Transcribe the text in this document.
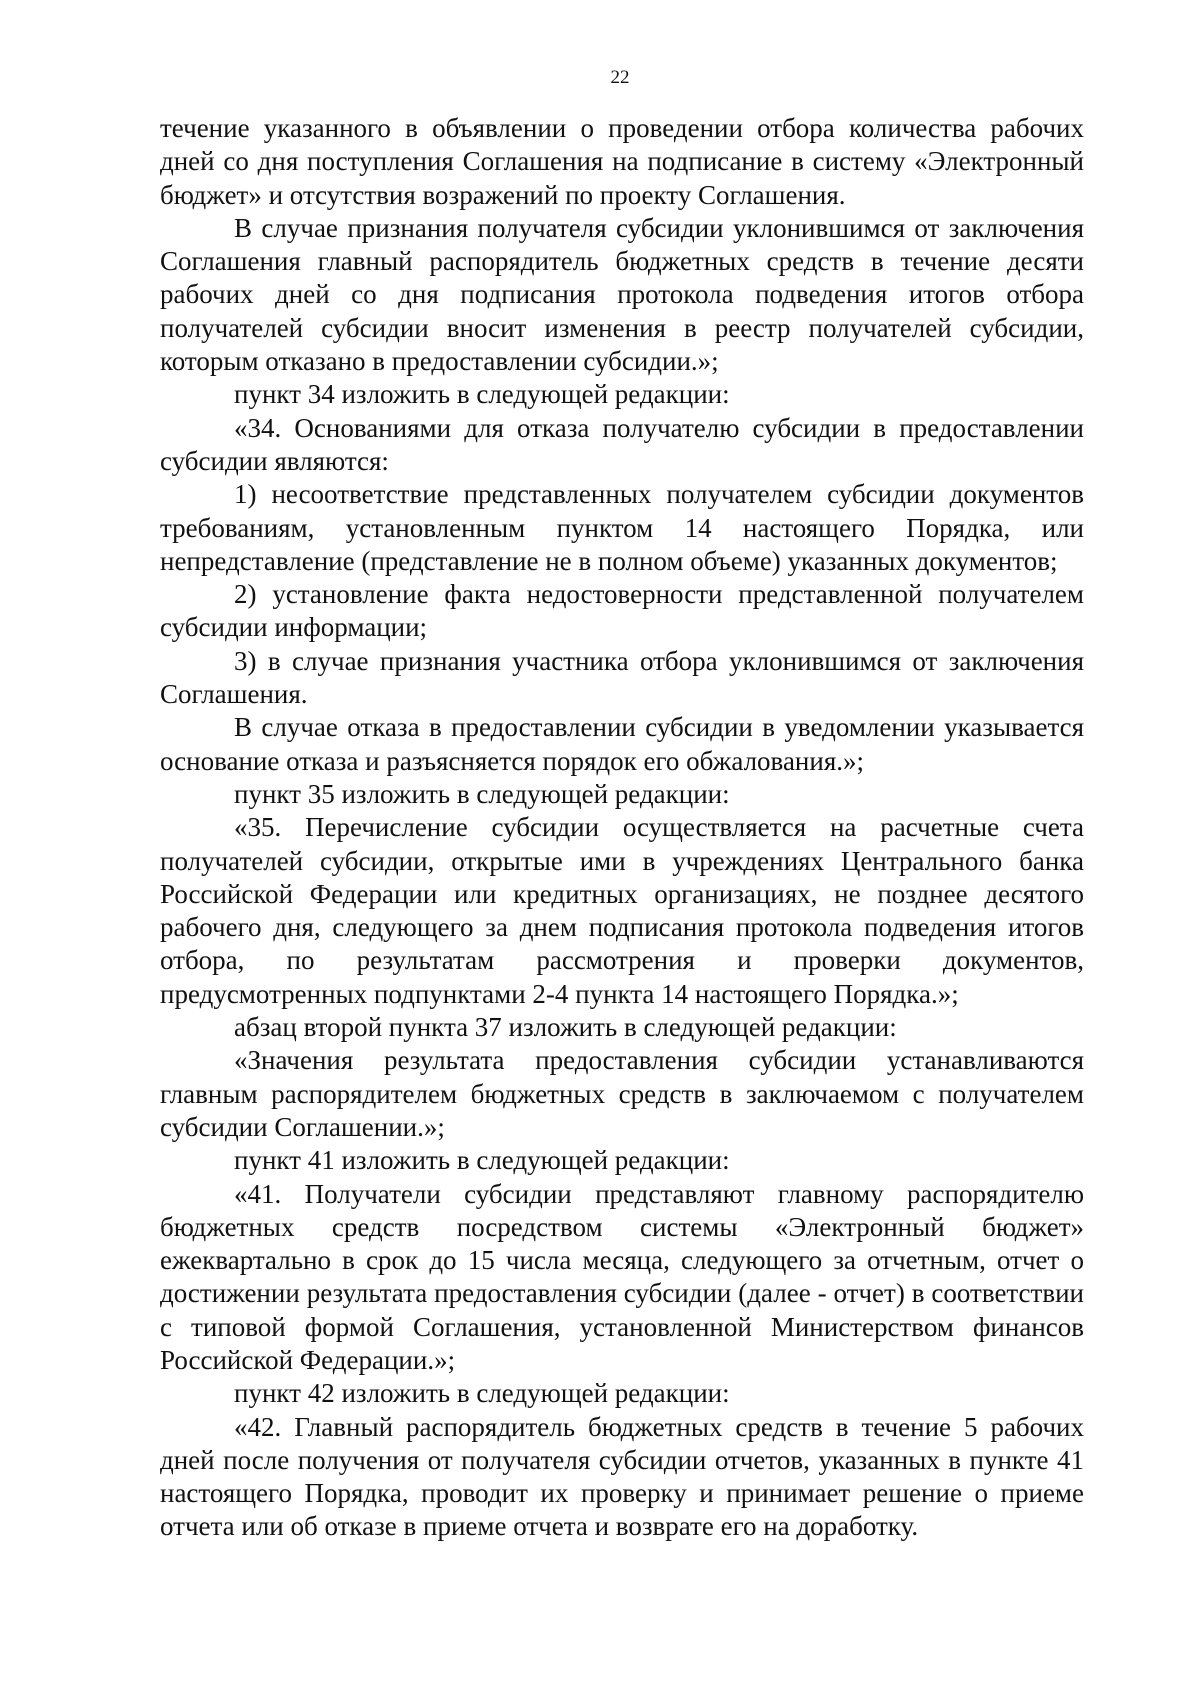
22

течение указанного в объявлении о проведении отбора количества рабочих дней со дня поступления Соглашения на подписание в систему «Электронный бюджет» и отсутствия возражений по проекту Соглашения.

В случае признания получателя субсидии уклонившимся от заключения Соглашения главный распорядитель бюджетных средств в течение десяти рабочих дней со дня подписания протокола подведения итогов отбора получателей субсидии вносит изменения в реестр получателей субсидии, которым отказано в предоставлении субсидии.»;

пункт 34 изложить в следующей редакции:

«34. Основаниями для отказа получателю субсидии в предоставлении субсидии являются:

1) несоответствие представленных получателем субсидии документов требованиям, установленным пунктом 14 настоящего Порядка, или непредставление (представление не в полном объеме) указанных документов;

2) установление факта недостоверности представленной получателем субсидии информации;

3) в случае признания участника отбора уклонившимся от заключения Соглашения.

В случае отказа в предоставлении субсидии в уведомлении указывается основание отказа и разъясняется порядок его обжалования.»;

пункт 35 изложить в следующей редакции:

«35. Перечисление субсидии осуществляется на расчетные счета получателей субсидии, открытые ими в учреждениях Центрального банка Российской Федерации или кредитных организациях, не позднее десятого рабочего дня, следующего за днем подписания протокола подведения итогов отбора, по результатам рассмотрения и проверки документов, предусмотренных подпунктами 2-4 пункта 14 настоящего Порядка.»;

абзац второй пункта 37 изложить в следующей редакции:

«Значения результата предоставления субсидии устанавливаются главным распорядителем бюджетных средств в заключаемом с получателем субсидии Соглашении.»;

пункт 41 изложить в следующей редакции:

«41. Получатели субсидии представляют главному распорядителю бюджетных средств посредством системы «Электронный бюджет» ежеквартально в срок до 15 числа месяца, следующего за отчетным, отчет о достижении результата предоставления субсидии (далее - отчет) в соответствии с типовой формой Соглашения, установленной Министерством финансов Российской Федерации.»;

пункт 42 изложить в следующей редакции:

«42. Главный распорядитель бюджетных средств в течение 5 рабочих дней после получения от получателя субсидии отчетов, указанных в пункте 41 настоящего Порядка, проводит их проверку и принимает решение о приеме отчета или об отказе в приеме отчета и возврате его на доработку.
